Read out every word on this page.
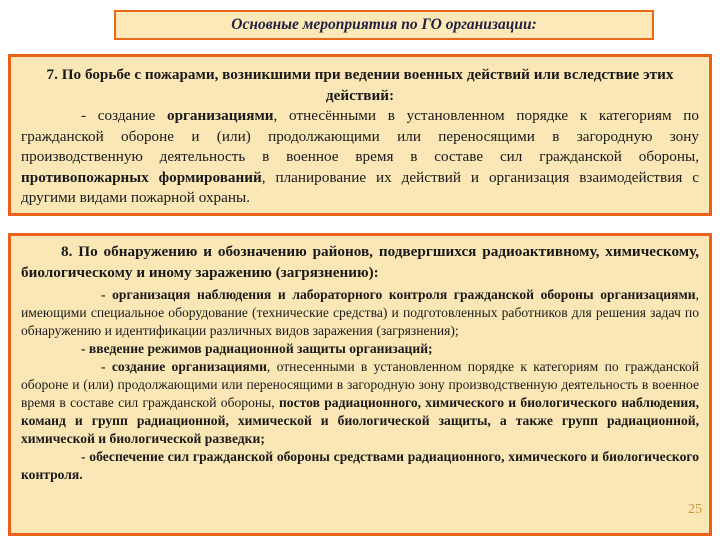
Основные мероприятия по ГО организации:

7. По борьбе с пожарами, возникшими при ведении военных действий или вследствие этих действий:

- создание организациями, отнесёнными в установленном порядке к категориям по гражданской обороне и (или) продолжающими или переносящими в загородную зону производственную деятельность в военное время в составе сил гражданской обороны, противопожарных формирований, планирование их действий и организация взаимодействия с другими видами пожарной охраны.

8. По обнаружению и обозначению районов, подвергшихся радиоактивному, химическому, биологическому и иному заражению (загрязнению):

- организация наблюдения и лабораторного контроля гражданской обороны организациями, имеющими специальное оборудование (технические средства) и подготовленных работников для решения задач по обнаружению и идентификации различных видов заражения (загрязнения);

- введение режимов радиационной защиты организаций;

- создание организациями, отнесенными в установленном порядке к категориям по гражданской обороне и (или) продолжающими или переносящими в загородную зону производственную деятельность в военное время в составе сил гражданской обороны, постов радиационного, химического и биологического наблюдения, команд и групп радиационной, химической и биологической защиты, а также групп радиационной, химической и биологической разведки;

- обеспечение сил гражданской обороны средствами радиационного, химического и биологического контроля.

25
